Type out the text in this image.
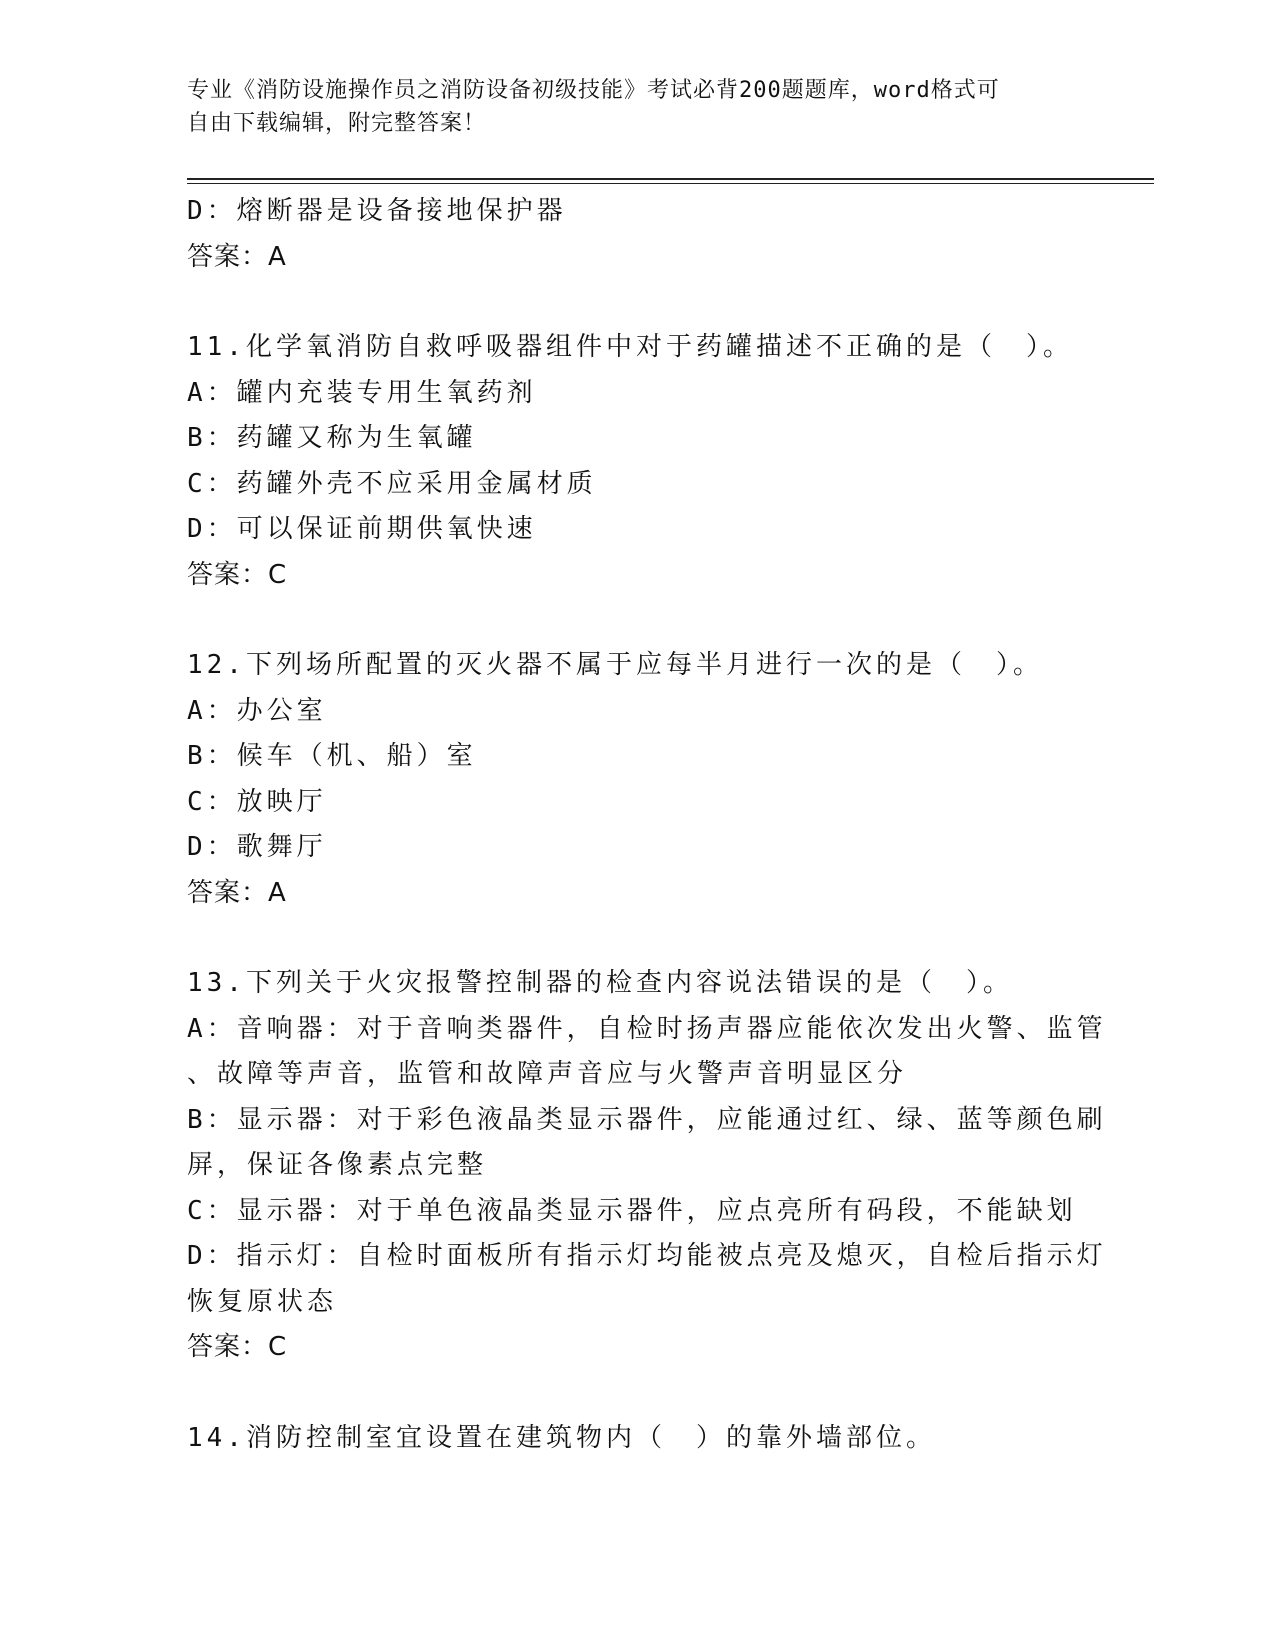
专业《消防设施操作员之消防设备初级技能》考试必背200题题库，word格式可
自由下载编辑，附完整答案！
D：熔断器是设备接地保护器
答案：A
11.化学氧消防自救呼吸器组件中对于药罐描述不正确的是（　）。
A：罐内充装专用生氧药剂
B：药罐又称为生氧罐
C：药罐外壳不应采用金属材质
D：可以保证前期供氧快速
答案：C
12.下列场所配置的灭火器不属于应每半月进行一次的是（　）。
A：办公室
B：候车（机、船）室
C：放映厅
D：歌舞厅
答案：A
13.下列关于火灾报警控制器的检查内容说法错误的是（　）。
A：音响器：对于音响类器件，自检时扬声器应能依次发出火警、监管
、故障等声音，监管和故障声音应与火警声音明显区分
B：显示器：对于彩色液晶类显示器件，应能通过红、绿、蓝等颜色刷
屏，保证各像素点完整
C：显示器：对于单色液晶类显示器件，应点亮所有码段，不能缺划
D：指示灯：自检时面板所有指示灯均能被点亮及熄灭，自检后指示灯
恢复原状态
答案：C
14.消防控制室宜设置在建筑物内（　）的靠外墙部位。
